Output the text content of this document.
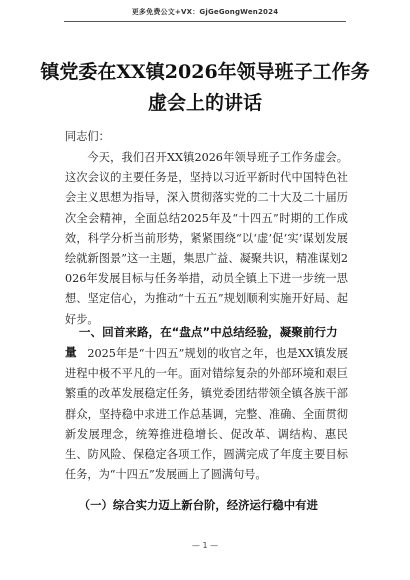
更多免费公文+VX：GjGeGongWen2024
镇党委在XX镇2026年领导班子工作务
虚会上的讲话
同志们：
今天，我们召开XX镇2026年领导班子工作务虚会。这次会议的主要任务是，坚持以习近平新时代中国特色社会主义思想为指导，深入贯彻落实党的二十大及二十届历次全会精神，全面总结2025年及“十四五”时期的工作成效，科学分析当前形势，紧紧围绕“以‘虚’促‘实’谋划发展绘就新图景”这一主题，集思广益、凝聚共识，精准谋划2026年发展目标与任务举措，动员全镇上下进一步统一思想、坚定信心，为推动“十五五”规划顺利实施开好局、起好步。
一、回首来路，在“盘点”中总结经验，凝聚前行力量 2025年是“十四五”规划的收官之年，也是XX镇发展进程中极不平凡的一年。面对错综复杂的外部环境和艰巨繁重的改革发展稳定任务，镇党委团结带领全镇各族干部群众，坚持稳中求进工作总基调，完整、准确、全面贯彻新发展理念，统筹推进稳增长、促改革、调结构、惠民生、防风险、保稳定各项工作，圆满完成了年度主要目标任务，为“十四五”发展画上了圆满句号。
（一）综合实力迈上新台阶，经济运行稳中有进
— 1 —
